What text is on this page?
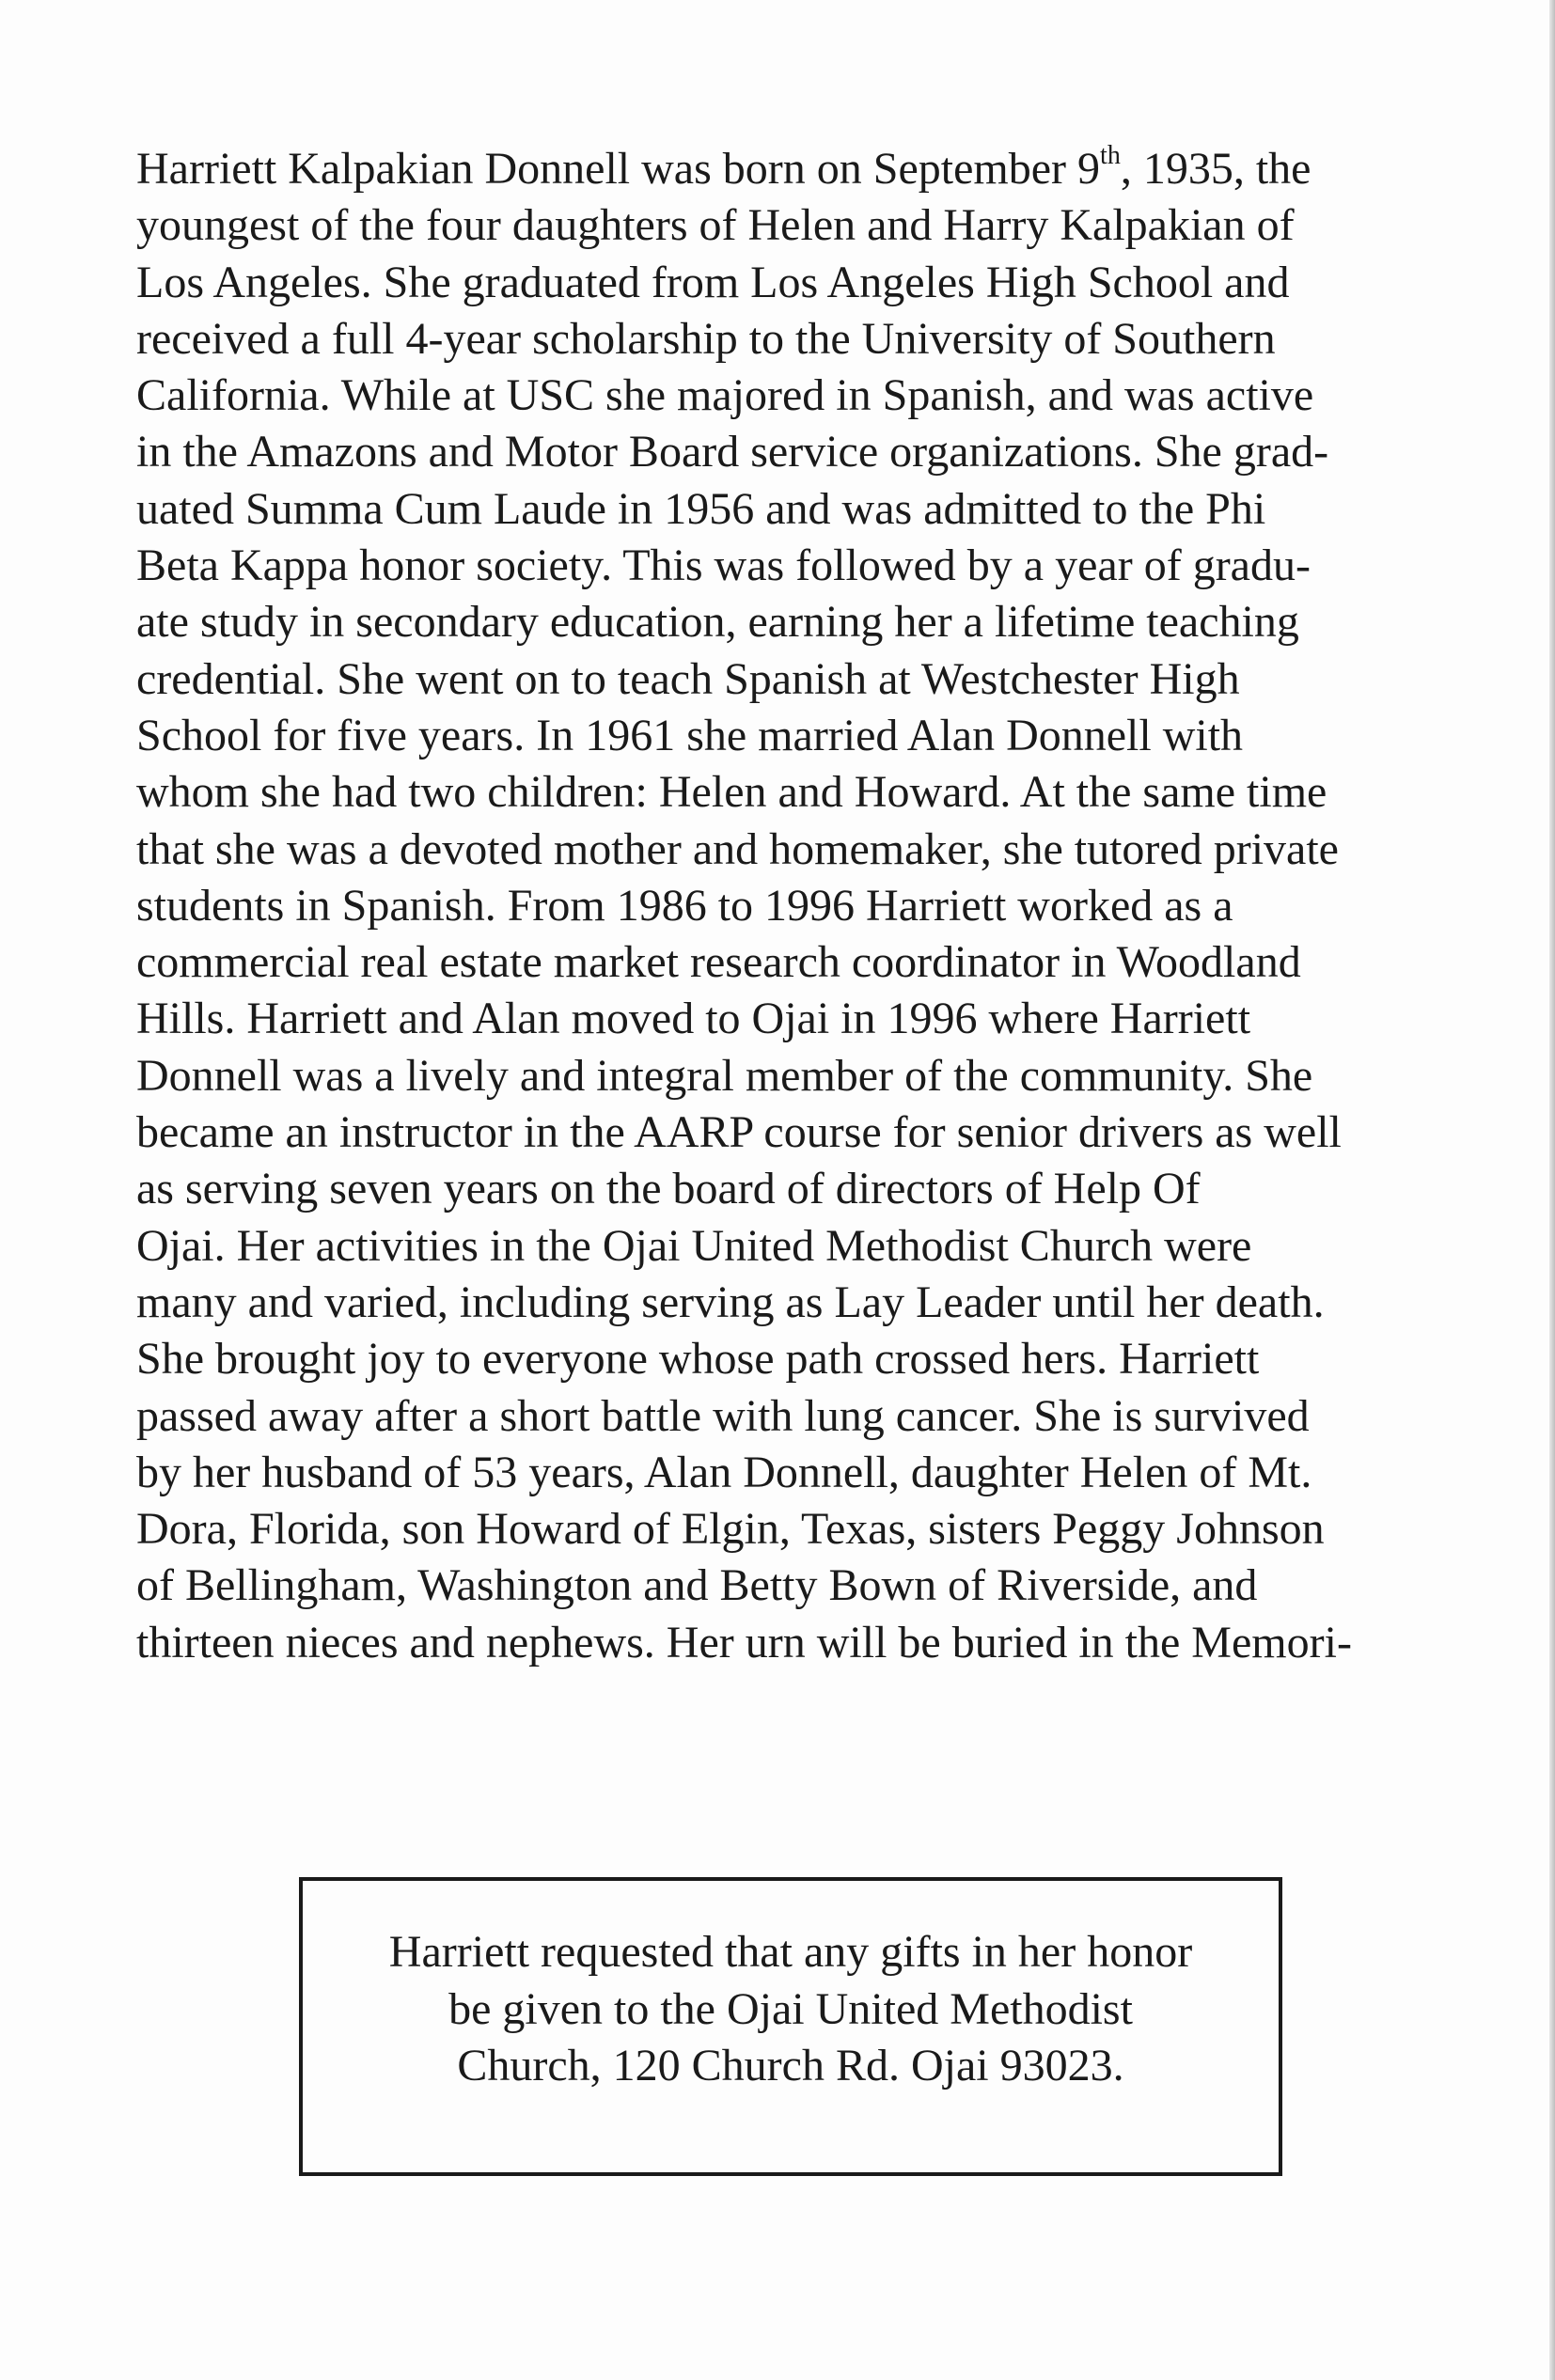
Harriett Kalpakian Donnell was born on September 9th, 1935, the
youngest of the four daughters of Helen and Harry Kalpakian of
Los Angeles. She graduated from Los Angeles High School and
received a full 4-year scholarship to the University of Southern
California. While at USC she majored in Spanish, and was active
in the Amazons and Motor Board service organizations. She grad-
uated Summa Cum Laude in 1956 and was admitted to the Phi
Beta Kappa honor society. This was followed by a year of gradu-
ate study in secondary education, earning her a lifetime teaching
credential. She went on to teach Spanish at Westchester High
School for five years. In 1961 she married Alan Donnell with
whom she had two children: Helen and Howard. At the same time
that she was a devoted mother and homemaker, she tutored private
students in Spanish. From 1986 to 1996 Harriett worked as a
commercial real estate market research coordinator in Woodland
Hills. Harriett and Alan moved to Ojai in 1996 where Harriett
Donnell was a lively and integral member of the community. She
became an instructor in the AARP course for senior drivers as well
as serving seven years on the board of directors of Help Of
Ojai. Her activities in the Ojai United Methodist Church were
many and varied, including serving as Lay Leader until her death.
She brought joy to everyone whose path crossed hers. Harriett
passed away after a short battle with lung cancer. She is survived
by her husband of 53 years, Alan Donnell, daughter Helen of Mt.
Dora, Florida, son Howard of Elgin, Texas, sisters Peggy Johnson
of Bellingham, Washington and Betty Bown of Riverside, and
thirteen nieces and nephews. Her urn will be buried in the Memori-
Harriett requested that any gifts in her honor
be given to the Ojai United Methodist
Church, 120 Church Rd. Ojai 93023.
